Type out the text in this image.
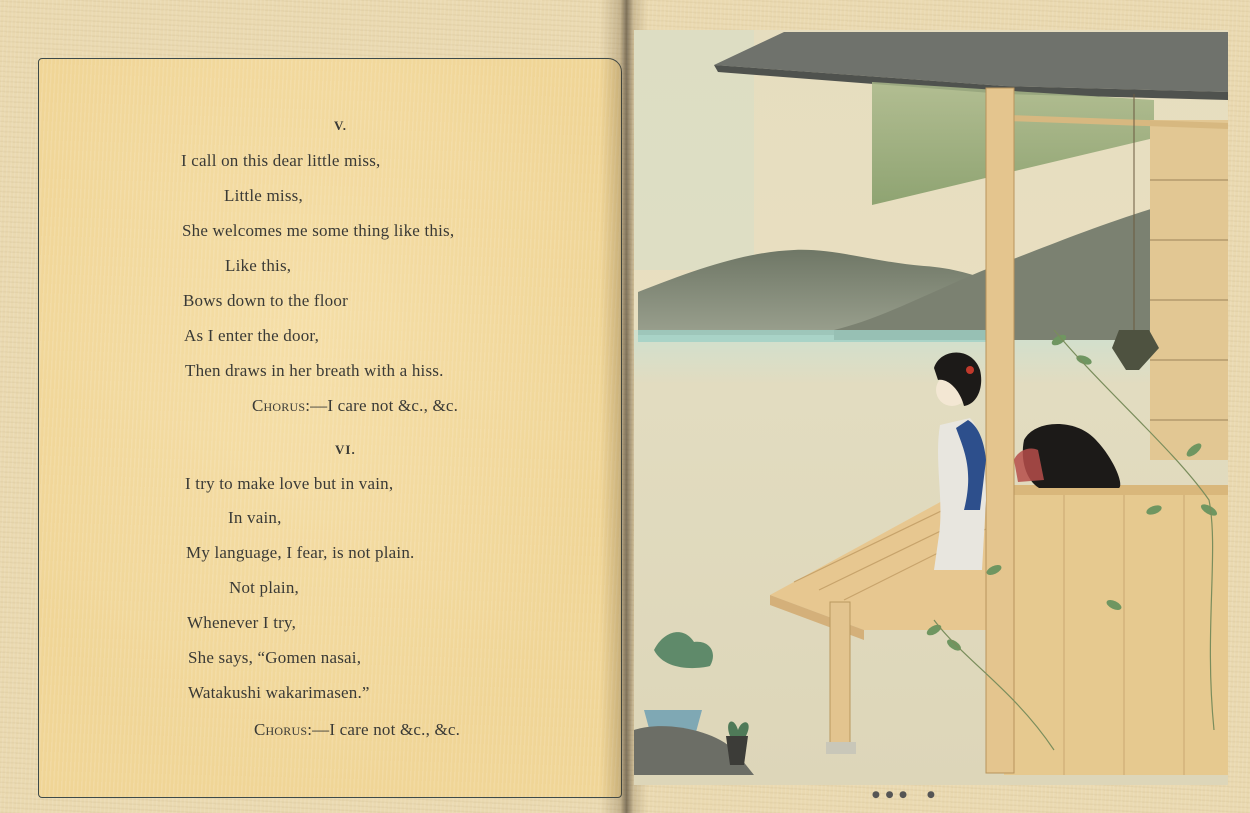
V.
I call on this dear little miss,
Little miss,
She welcomes me some thing like this,
Like this,
Bows down to the floor
As I enter the door,
Then draws in her breath with a hiss.
Chorus:—I care not &c., &c.
VI.
I try to make love but in vain,
In vain,
My language, I fear, is not plain.
Not plain,
Whenever I try,
She says, “Gomen nasai,
Watakushi wakarimasen.”
Chorus:—I care not &c., &c.
●  ●  ●       ●
